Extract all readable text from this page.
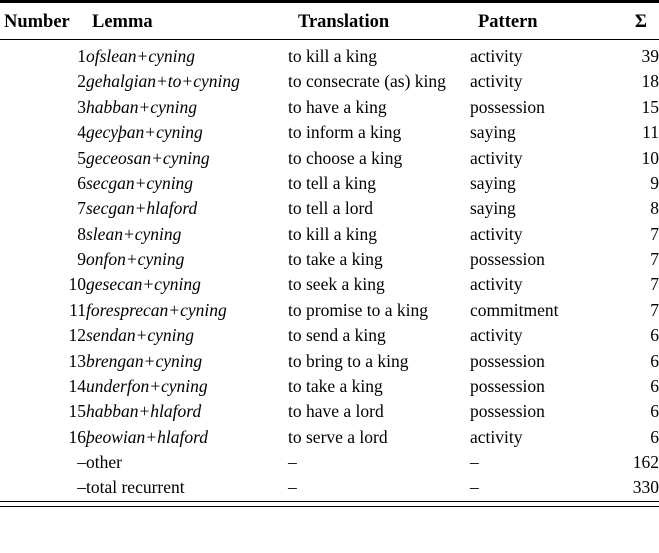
Number	Lemma	Translation	Pattern	Σ
1	ofslean+cyning	to kill a king	activity	39
2	gehalgian+to+cyning	to consecrate (as) king	activity	18
3	habban+cyning	to have a king	possession	15
4	gecyþan+cyning	to inform a king	saying	11
5	geceosan+cyning	to choose a king	activity	10
6	secgan+cyning	to tell a king	saying	9
7	secgan+hlaford	to tell a lord	saying	8
8	slean+cyning	to kill a king	activity	7
9	onfon+cyning	to take a king	possession	7
10	gesecan+cyning	to seek a king	activity	7
11	foresprecan+cyning	to promise to a king	commitment	7
12	sendan+cyning	to send a king	activity	6
13	brengan+cyning	to bring to a king	possession	6
14	underfon+cyning	to take a king	possession	6
15	habban+hlaford	to have a lord	possession	6
16	þeowian+hlaford	to serve a lord	activity	6
–	other	–	–	162
–	total recurrent	–	–	330
